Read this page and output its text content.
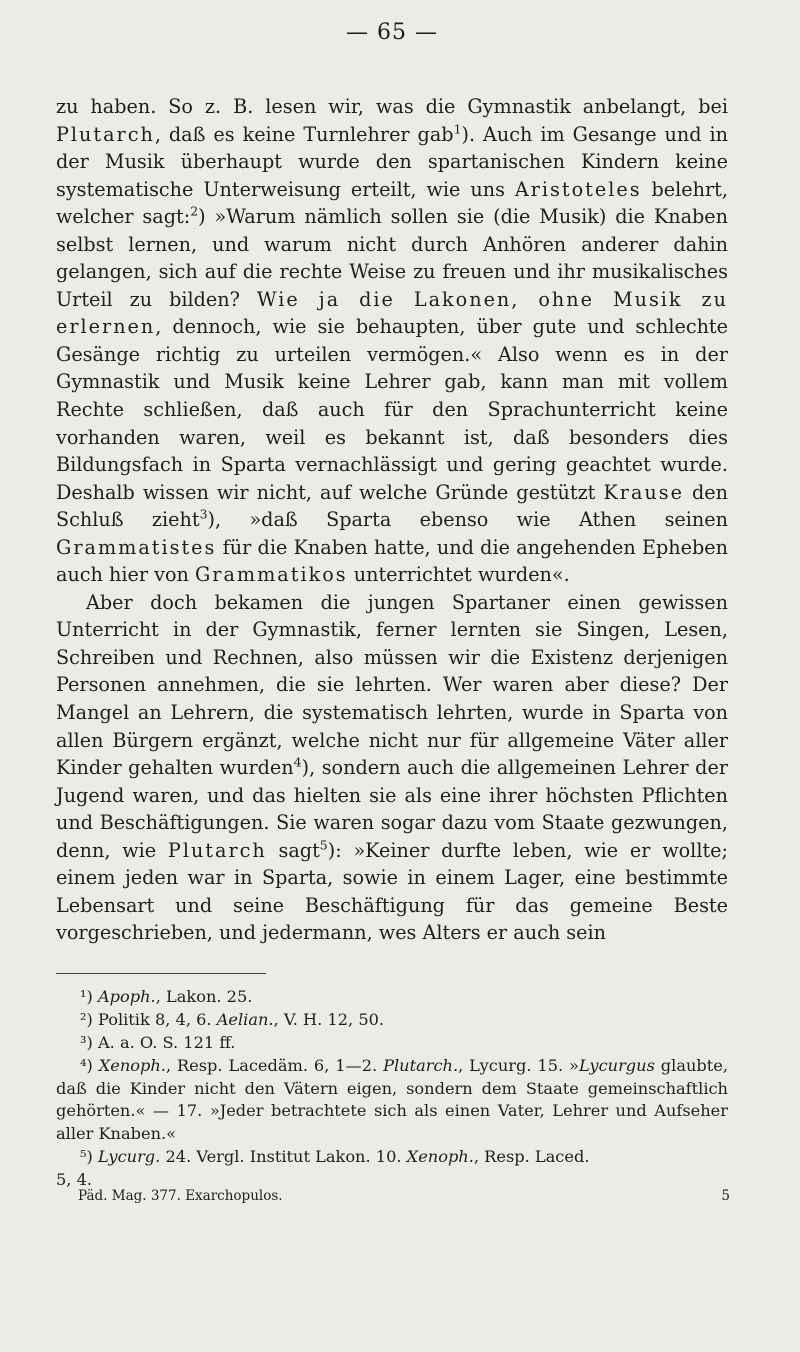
— 65 —

zu haben. So z. B. lesen wir, was die Gymnastik anbelangt, bei Plutarch, daß es keine Turnlehrer gab$^1$). Auch im Gesange und in der Musik überhaupt wurde den spartanischen Kindern keine systematische Unterweisung erteilt, wie uns Aristoteles belehrt, welcher sagt:$^2$) »Warum nämlich sollen sie (die Musik) die Knaben selbst lernen, und warum nicht durch Anhören anderer dahin gelangen, sich auf die rechte Weise zu freuen und ihr musikalisches Urteil zu bilden? Wie ja die Lakonen, ohne Musik zu erlernen, dennoch, wie sie behaupten, über gute und schlechte Gesänge richtig zu urteilen vermögen.« Also wenn es in der Gymnastik und Musik keine Lehrer gab, kann man mit vollem Rechte schließen, daß auch für den Sprachunterricht keine vorhanden waren, weil es bekannt ist, daß besonders dies Bildungsfach in Sparta vernachlässigt und gering geachtet wurde. Deshalb wissen wir nicht, auf welche Gründe gestützt Krause den Schluß zieht$^3$), »daß Sparta ebenso wie Athen seinen Grammatistes für die Knaben hatte, und die angehenden Epheben auch hier von Grammatikos unterrichtet wurden«.

Aber doch bekamen die jungen Spartaner einen gewissen Unterricht in der Gymnastik, ferner lernten sie Singen, Lesen, Schreiben und Rechnen, also müssen wir die Existenz derjenigen Personen annehmen, die sie lehrten. Wer waren aber diese? Der Mangel an Lehrern, die systematisch lehrten, wurde in Sparta von allen Bürgern ergänzt, welche nicht nur für allgemeine Väter aller Kinder gehalten wurden$^4$), sondern auch die allgemeinen Lehrer der Jugend waren, und das hielten sie als eine ihrer höchsten Pflichten und Beschäftigungen. Sie waren sogar dazu vom Staate gezwungen, denn, wie Plutarch sagt$^5$): »Keiner durfte leben, wie er wollte; einem jeden war in Sparta, sowie in einem Lager, eine bestimmte Lebensart und seine Beschäftigung für das gemeine Beste vorgeschrieben, und jedermann, wes Alters er auch sein

¹) Apoph., Lakon. 25.

²) Politik 8, 4, 6. Aelian., V. H. 12, 50.

³) A. a. O. S. 121 ff.

⁴) Xenoph., Resp. Lacedäm. 6, 1—2. Plutarch., Lycurg. 15. »Lycurgus glaubte, daß die Kinder nicht den Vätern eigen, sondern dem Staate gemeinschaftlich gehörten.« — 17. »Jeder betrachtete sich als einen Vater, Lehrer und Aufseher aller Knaben.«

⁵) Lycurg. 24. Vergl. Institut Lakon. 10. Xenoph., Resp. Laced.

5, 4.

Päd. Mag. 377. Exarchopulos.	5
